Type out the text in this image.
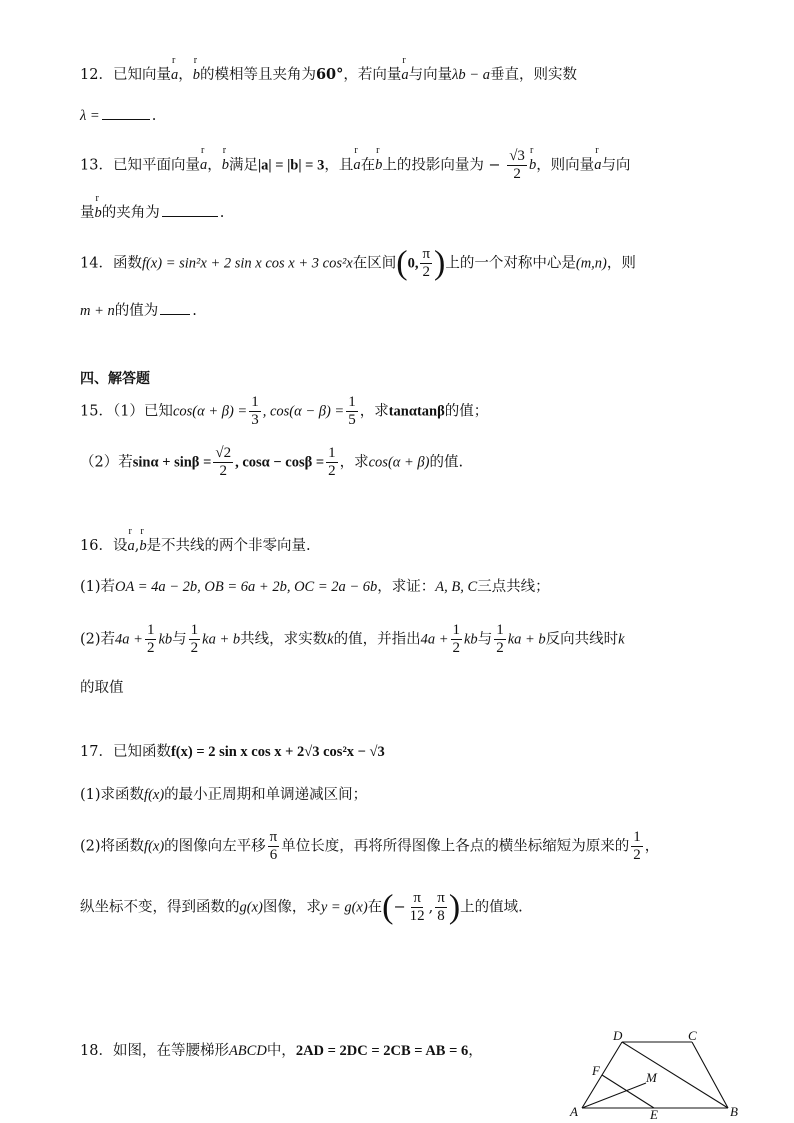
12．已知向量r a，r b的模相等且夹角为60°，若向量r a与向量λb − a垂直，则实数
λ =	.
13．已知平面向量r a，r b满足|a| = |b| = 3，且r a在r b上的投影向量为 − $\frac{√3}{2}$
r b，则向量r a与向
量r b的夹角为	.
14．函数f(x) = sin²x + 2 sin x cos x + 3 cos²x在区间(0, $\frac{\pi}{2}$ )上的一个对称中心是(m,n)，则
m + n的值为 .
四、解答题
15．（1）已知$\cos(\alpha + \beta) = \frac{1}{3}$ , $\cos(\alpha - \beta) = \frac{1}{5}$ ，求tanαtanβ的值；
（2）若$\sin\alpha + \sin\beta = \frac{√2}{2}$ , $\cos\alpha - \cos\beta = \frac{1}{2}$ ，求cos(α + β)的值.
16．设r a,r b是不共线的两个非零向量.
(1)若OA = 4a − 2b, OB = 6a + 2b, OC = 2a − 6b，求证：A, B, C三点共线；
(2)若$4a + \frac{1}{2}$ kb与 $\frac{1}{2}$ ka + b共线，求实数k的值，并指出$4a + \frac{1}{2}$ kb与 $\frac{1}{2}$ ka + b反向共线时k
的取值
17．已知函数f(x) = 2 sin x cos x + 2√3 cos²x − √3
(1)求函数f(x)的最小正周期和单调递减区间；
(2)将函数f(x)的图像向左平移 $\frac{\pi}{6}$ 单位长度，再将所得图像上各点的横坐标缩短为原来的 $\frac{1}{2}$ ，
纵坐标不变，得到函数的g(x)图像，求y = g(x)在(− $\frac{\pi}{12}$ , $\frac{\pi}{8}$ )上的值域.
18．如图，在等腰梯形ABCD中，2AD = 2DC = 2CB = AB = 6，
D	C
F	M
A	E	B
